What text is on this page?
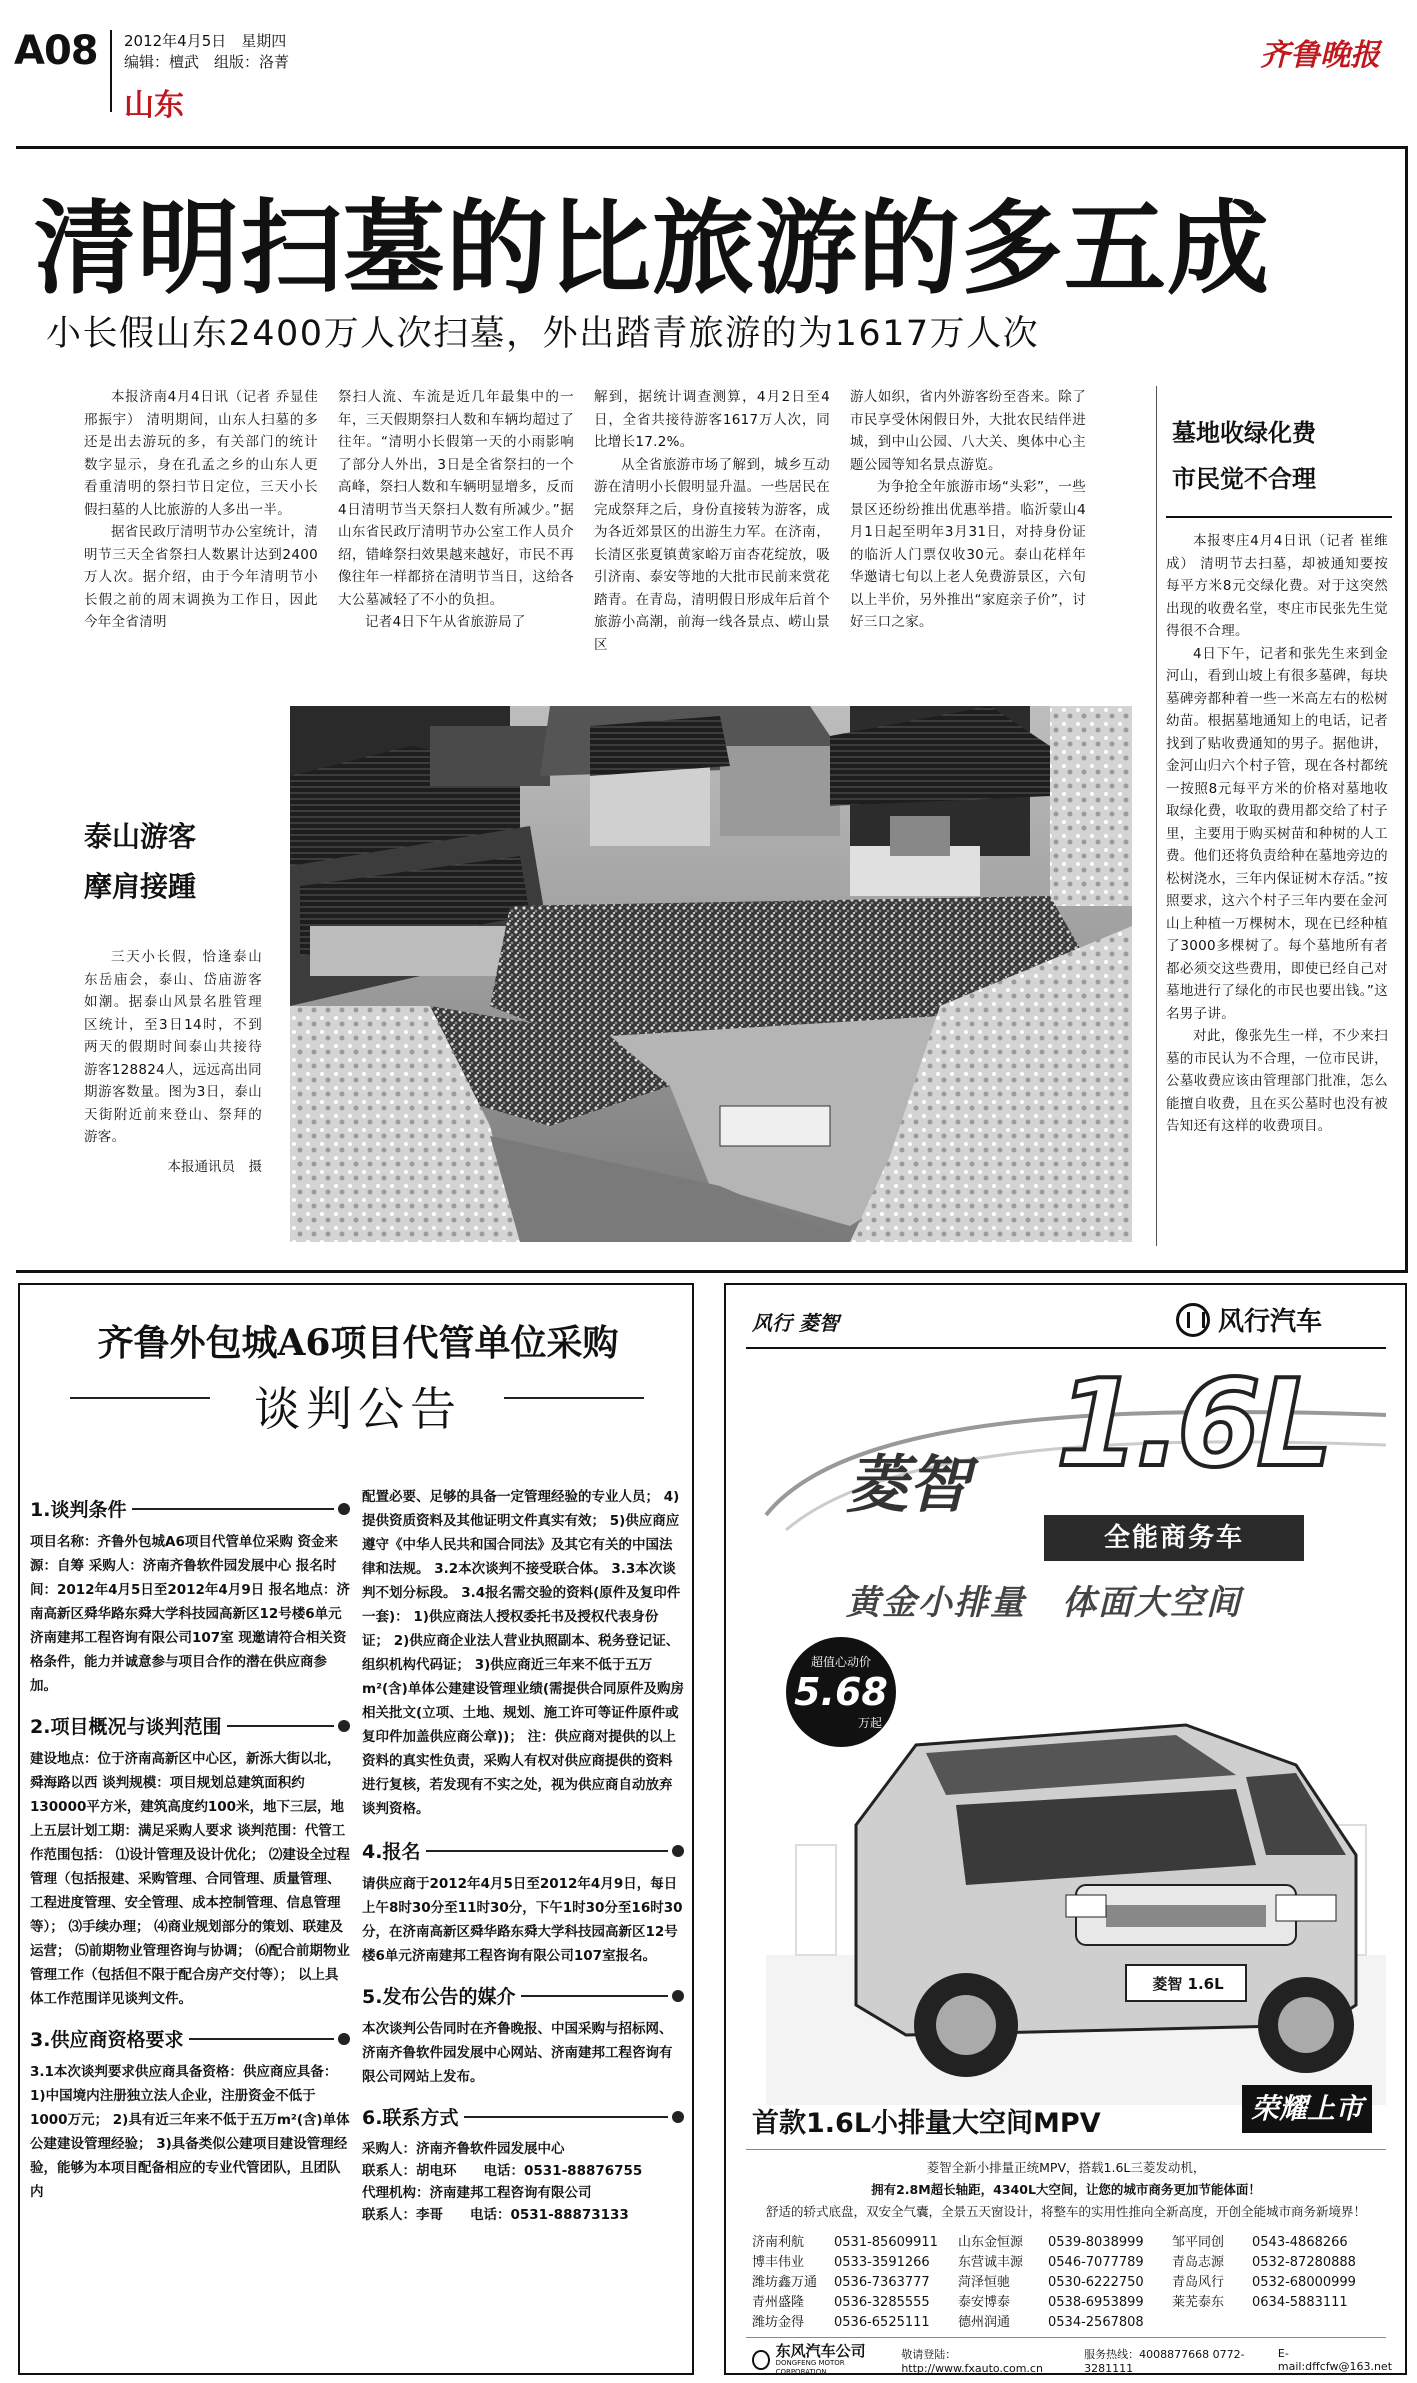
A08 2012年4月5日　星期四
编辑：檀武　组版：洛菁
山东
齐鲁晚报
清明扫墓的比旅游的多五成
小长假山东2400万人次扫墓，外出踏青旅游的为1617万人次

本报济南4月4日讯（记者 乔显佳 邢振宇） 清明期间，山东人扫墓的多还是出去游玩的多，有关部门的统计数字显示，身在孔孟之乡的山东人更看重清明的祭扫节日定位，三天小长假扫墓的人比旅游的人多出一半。

据省民政厅清明节办公室统计，清明节三天全省祭扫人数累计达到2400万人次。据介绍，由于今年清明节小长假之前的周末调换为工作日，因此今年全省清明

祭扫人流、车流是近几年最集中的一年，三天假期祭扫人数和车辆均超过了往年。“清明小长假第一天的小雨影响了部分人外出，3日是全省祭扫的一个高峰，祭扫人数和车辆明显增多，反而4日清明节当天祭扫人数有所减少。”据山东省民政厅清明节办公室工作人员介绍，错峰祭扫效果越来越好，市民不再像往年一样都挤在清明节当日，这给各大公墓减轻了不小的负担。

记者4日下午从省旅游局了

解到，据统计调查测算，4月2日至4日，全省共接待游客1617万人次，同比增长17.2%。

从全省旅游市场了解到，城乡互动游在清明小长假明显升温。一些居民在完成祭拜之后，身份直接转为游客，成为各近郊景区的出游生力军。在济南，长清区张夏镇黄家峪万亩杏花绽放，吸引济南、泰安等地的大批市民前来赏花踏青。在青岛，清明假日形成年后首个旅游小高潮，前海一线各景点、崂山景区

游人如织，省内外游客纷至沓来。除了市民享受休闲假日外，大批农民结伴进城，到中山公园、八大关、奥体中心主题公园等知名景点游览。

为争抢全年旅游市场“头彩”，一些景区还纷纷推出优惠举措。临沂蒙山4月1日起至明年3月31日，对持身份证的临沂人门票仅收30元。泰山花样年华邀请七旬以上老人免费游景区，六旬以上半价，另外推出“家庭亲子价”，讨好三口之家。

墓地收绿化费
市民觉不合理

本报枣庄4月4日讯（记者 崔维成） 清明节去扫墓，却被通知要按每平方米8元交绿化费。对于这突然出现的收费名堂，枣庄市民张先生觉得很不合理。

4日下午，记者和张先生来到金河山，看到山坡上有很多墓碑，每块墓碑旁都种着一些一米高左右的松树幼苗。根据墓地通知上的电话，记者找到了贴收费通知的男子。据他讲，金河山归六个村子管，现在各村都统一按照8元每平方米的价格对墓地收取绿化费，收取的费用都交给了村子里，主要用于购买树苗和种树的人工费。他们还将负责给种在墓地旁边的松树浇水，三年内保证树木存活。”按照要求，这六个村子三年内要在金河山上种植一万棵树木，现在已经种植了3000多棵树了。每个墓地所有者都必须交这些费用，即使已经自己对墓地进行了绿化的市民也要出钱。”这名男子讲。

对此，像张先生一样，不少来扫墓的市民认为不合理，一位市民讲，公墓收费应该由管理部门批准，怎么能擅自收费，且在买公墓时也没有被告知还有这样的收费项目。

泰山游客
摩肩接踵

三天小长假，恰逢泰山东岳庙会，泰山、岱庙游客如潮。据泰山风景名胜管理区统计，至3日14时，不到两天的假期时间泰山共接待游客128824人，远远高出同期游客数量。图为3日，泰山天街附近前来登山、祭拜的游客。

本报通讯员　摄
齐鲁外包城A6项目代管单位采购
谈判公告
1.谈判条件
项目名称：齐鲁外包城A6项目代管单位采购 资金来源：自筹 采购人：济南齐鲁软件园发展中心 报名时间：2012年4月5日至2012年4月9日 报名地点：济南高新区舜华路东舜大学科技园高新区12号楼6单元济南建邦工程咨询有限公司107室 现邀请符合相关资格条件，能力并诚意参与项目合作的潜在供应商参加。
2.项目概况与谈判范围
建设地点：位于济南高新区中心区，新泺大街以北，舜海路以西 谈判规模：项目规划总建筑面积约130000平方米，建筑高度约100米，地下三层，地上五层计划工期：满足采购人要求 谈判范围：代管工作范围包括： ⑴设计管理及设计优化； ⑵建设全过程管理（包括报建、采购管理、合同管理、质量管理、工程进度管理、安全管理、成本控制管理、信息管理等）； ⑶手续办理； ⑷商业规划部分的策划、联建及运营； ⑸前期物业管理咨询与协调； ⑹配合前期物业管理工作（包括但不限于配合房产交付等）； 以上具体工作范围详见谈判文件。
3.供应商资格要求
3.1本次谈判要求供应商具备资格：供应商应具备： 1)中国境内注册独立法人企业，注册资金不低于1000万元； 2)具有近三年来不低于五万m²(含)单体公建建设管理经验； 3)具备类似公建项目建设管理经验，能够为本项目配备相应的专业代管团队，且团队内
配置必要、足够的具备一定管理经验的专业人员； 4)提供资质资料及其他证明文件真实有效； 5)供应商应遵守《中华人民共和国合同法》及其它有关的中国法律和法规。 3.2本次谈判不接受联合体。 3.3本次谈判不划分标段。 3.4报名需交验的资料(原件及复印件一套)： 1)供应商法人授权委托书及授权代表身份证； 2)供应商企业法人营业执照副本、税务登记证、组织机构代码证； 3)供应商近三年来不低于五万m²(含)单体公建建设管理业绩(需提供合同原件及购房相关批文(立项、土地、规划、施工许可等证件原件或复印件加盖供应商公章))； 注：供应商对提供的以上资料的真实性负责，采购人有权对供应商提供的资料进行复核，若发现有不实之处，视为供应商自动放弃谈判资格。
4.报名
请供应商于2012年4月5日至2012年4月9日，每日上午8时30分至11时30分，下午1时30分至16时30分，在济南高新区舜华路东舜大学科技园高新区12号楼6单元济南建邦工程咨询有限公司107室报名。
5.发布公告的媒介
本次谈判公告同时在齐鲁晚报、中国采购与招标网、济南齐鲁软件园发展中心网站、济南建邦工程咨询有限公司网站上发布。
6.联系方式
采购人：济南齐鲁软件园发展中心
联系人：胡电环　　电话：0531-88876755
代理机构：济南建邦工程咨询有限公司
联系人：李哥　　电话：0531-88873133
风行 菱智	风行汽车
菱智 1.6L
全能商务车
黄金小排量　体面大空间
超值心动价
5.68
万起
菱智 1.6L
首款1.6L小排量大空间MPV	荣耀上市
菱智全新小排量正统MPV，搭载1.6L三菱发动机，
拥有2.8M超长轴距，4340L大空间，让您的城市商务更加节能体面！
舒适的轿式底盘，双安全气囊，全景五天窗设计，将整车的实用性推向全新高度，开创全能城市商务新境界！
济南利航	0531-85609911	山东金恒源	0539-8038999	邹平同创	0543-4868266
博丰伟业	0533-3591266	东营诚丰源	0546-7077789	青岛志源	0532-87280888
潍坊鑫万通	0536-7363777	菏泽恒驰	0530-6222750	青岛风行	0532-68000999
青州盛隆	0536-3285555	泰安博泰	0538-6953899	莱芜泰东	0634-5883111
潍坊金得	0536-6525111	德州润通	0534-2567808
东风汽车公司
DONGFENG MOTOR CORPORATION
敬请登陆：http://www.fxauto.com.cn
服务热线：4008877668 0772-3281111
E-mail:dffcfw@163.net
